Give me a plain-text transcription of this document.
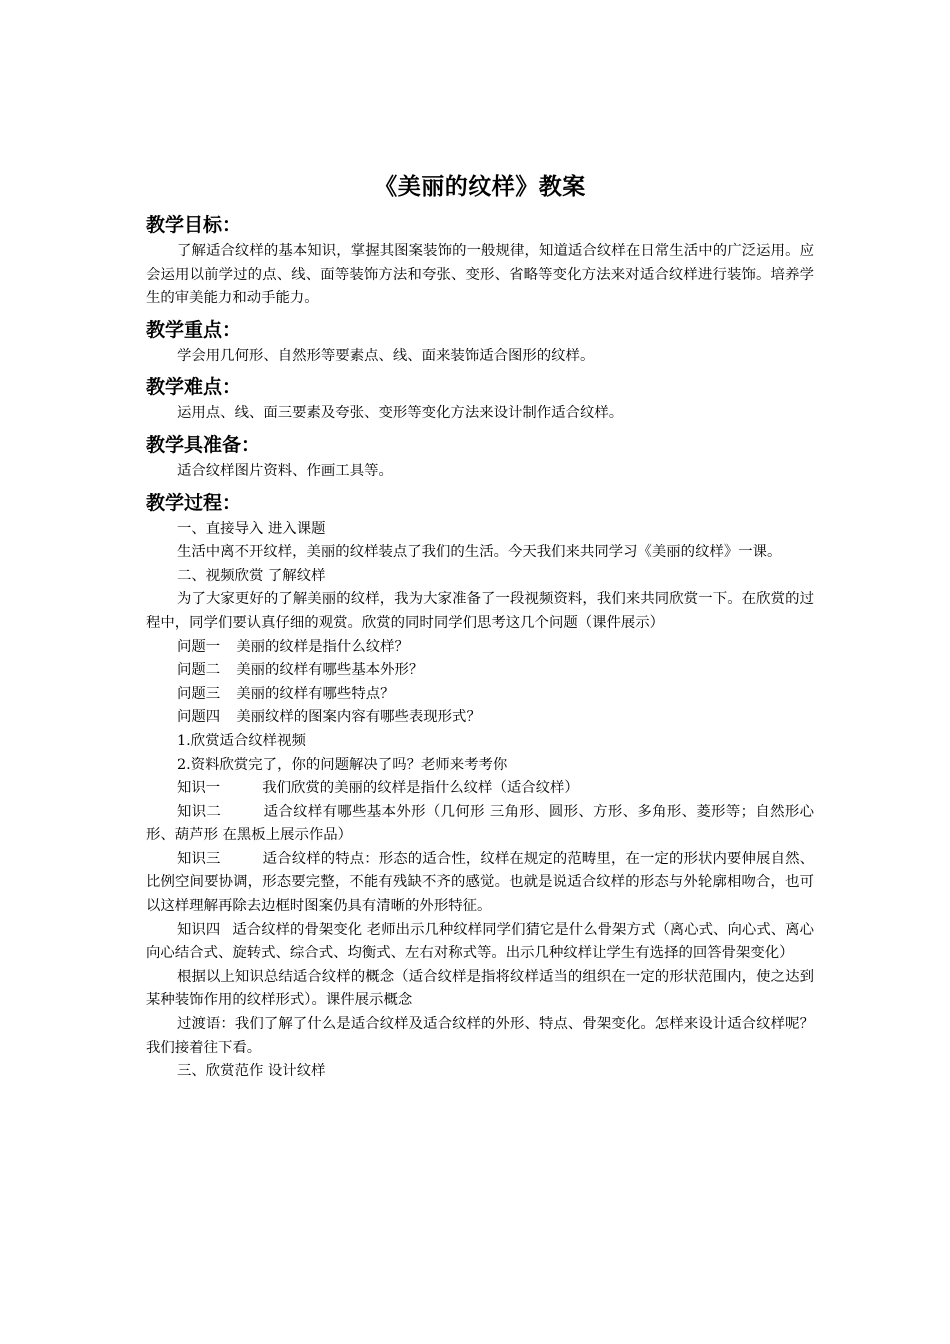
《美丽的纹样》教案
教学目标：

了解适合纹样的基本知识，掌握其图案装饰的一般规律，知道适合纹样在日常生活中的广泛运用。应会运用以前学过的点、线、面等装饰方法和夸张、变形、省略等变化方法来对适合纹样进行装饰。培养学生的审美能力和动手能力。

教学重点：

学会用几何形、自然形等要素点、线、面来装饰适合图形的纹样。

教学难点：

运用点、线、面三要素及夸张、变形等变化方法来设计制作适合纹样。

教学具准备：

适合纹样图片资料、作画工具等。

教学过程：

一、直接导入 进入课题

生活中离不开纹样，美丽的纹样装点了我们的生活。今天我们来共同学习《美丽的纹样》一课。

二、视频欣赏 了解纹样

为了大家更好的了解美丽的纹样，我为大家准备了一段视频资料，我们来共同欣赏一下。在欣赏的过程中，同学们要认真仔细的观赏。欣赏的同时同学们思考这几个问题（课件展示）

问题一 美丽的纹样是指什么纹样？

问题二 美丽的纹样有哪些基本外形？

问题三 美丽的纹样有哪些特点？

问题四 美丽纹样的图案内容有哪些表现形式？

1.欣赏适合纹样视频

2.资料欣赏完了，你的问题解决了吗？老师来考考你

知识一	我们欣赏的美丽的纹样是指什么纹样（适合纹样）

知识二	适合纹样有哪些基本外形（几何形 三角形、圆形、方形、多角形、菱形等；自然形心形、葫芦形 在黑板上展示作品）

知识三	适合纹样的特点：形态的适合性，纹样在规定的范畴里，在一定的形状内要伸展自然、比例空间要协调，形态要完整，不能有残缺不齐的感觉。也就是说适合纹样的形态与外轮廓相吻合，也可以这样理解再除去边框时图案仍具有清晰的外形特征。

知识四 适合纹样的骨架变化 老师出示几种纹样同学们猜它是什么骨架方式（离心式、向心式、离心向心结合式、旋转式、综合式、均衡式、左右对称式等。出示几种纹样让学生有选择的回答骨架变化）

根据以上知识总结适合纹样的概念（适合纹样是指将纹样适当的组织在一定的形状范围内，使之达到某种装饰作用的纹样形式）。课件展示概念

过渡语：我们了解了什么是适合纹样及适合纹样的外形、特点、骨架变化。怎样来设计适合纹样呢？我们接着往下看。

三、欣赏范作 设计纹样
